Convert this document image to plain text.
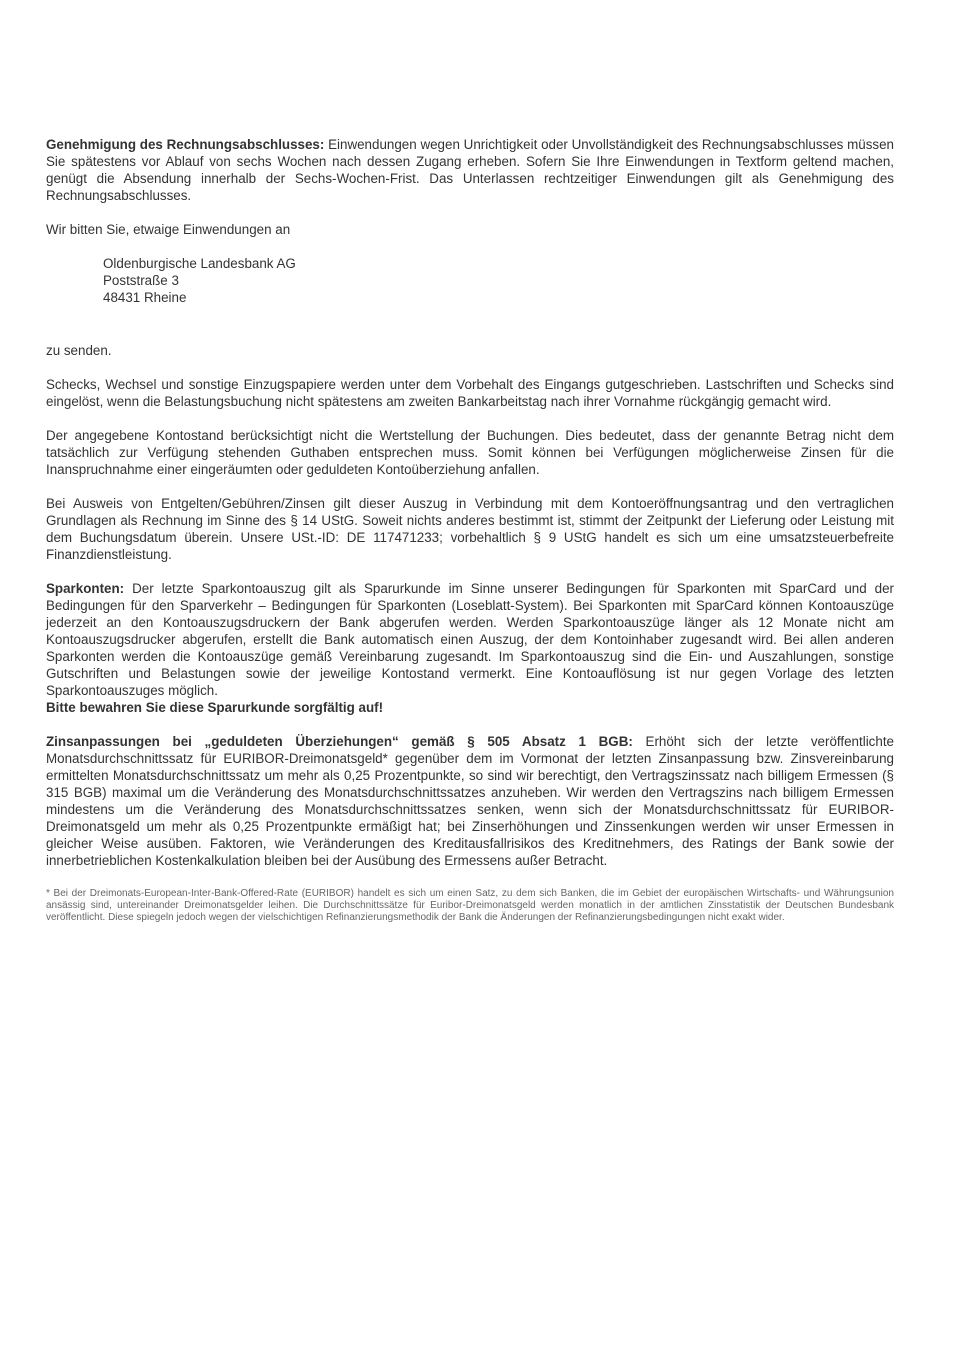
Genehmigung des Rechnungsabschlusses: Einwendungen wegen Unrichtigkeit oder Unvollständigkeit des Rechnungsabschlusses müssen Sie spätestens vor Ablauf von sechs Wochen nach dessen Zugang erheben. Sofern Sie Ihre Einwendungen in Textform geltend machen, genügt die Absendung innerhalb der Sechs-Wochen-Frist. Das Unterlassen rechtzeitiger Einwendungen gilt als Genehmigung des Rechnungsabschlusses.

Wir bitten Sie, etwaige Einwendungen an

Oldenburgische Landesbank AG
Poststraße 3
48431 Rheine

zu senden.

Schecks, Wechsel und sonstige Einzugspapiere werden unter dem Vorbehalt des Eingangs gutgeschrieben. Lastschriften und Schecks sind eingelöst, wenn die Belastungsbuchung nicht spätestens am zweiten Bankarbeitstag nach ihrer Vornahme rückgängig gemacht wird.

Der angegebene Kontostand berücksichtigt nicht die Wertstellung der Buchungen. Dies bedeutet, dass der genannte Betrag nicht dem tatsächlich zur Verfügung stehenden Guthaben entsprechen muss. Somit können bei Verfügungen möglicherweise Zinsen für die Inanspruchnahme einer eingeräumten oder geduldeten Kontoüberziehung anfallen.

Bei Ausweis von Entgelten/Gebühren/Zinsen gilt dieser Auszug in Verbindung mit dem Kontoeröffnungsantrag und den vertraglichen Grundlagen als Rechnung im Sinne des § 14 UStG. Soweit nichts anderes bestimmt ist, stimmt der Zeitpunkt der Lieferung oder Leistung mit dem Buchungsdatum überein. Unsere USt.-ID: DE 117471233; vorbehaltlich § 9 UStG handelt es sich um eine umsatzsteuerbefreite Finanzdienstleistung.

Sparkonten: Der letzte Sparkontoauszug gilt als Sparurkunde im Sinne unserer Bedingungen für Sparkonten mit SparCard und der Bedingungen für den Sparverkehr – Bedingungen für Sparkonten (Loseblatt-System). Bei Sparkonten mit SparCard können Kontoauszüge jederzeit an den Kontoauszugsdruckern der Bank abgerufen werden. Werden Sparkontoauszüge länger als 12 Monate nicht am Kontoauszugsdrucker abgerufen, erstellt die Bank automatisch einen Auszug, der dem Kontoinhaber zugesandt wird. Bei allen anderen Sparkonten werden die Kontoauszüge gemäß Vereinbarung zugesandt. Im Sparkontoauszug sind die Ein- und Auszahlungen, sonstige Gutschriften und Belastungen sowie der jeweilige Kontostand vermerkt. Eine Kontoauflösung ist nur gegen Vorlage des letzten Sparkontoauszuges möglich.

Bitte bewahren Sie diese Sparurkunde sorgfältig auf!

Zinsanpassungen bei „geduldeten Überziehungen“ gemäß § 505 Absatz 1 BGB: Erhöht sich der letzte veröffentlichte Monatsdurchschnittssatz für EURIBOR-Dreimonatsgeld* gegenüber dem im Vormonat der letzten Zinsanpassung bzw. Zinsvereinbarung ermittelten Monatsdurchschnittssatz um mehr als 0,25 Prozentpunkte, so sind wir berechtigt, den Vertragszinssatz nach billigem Ermessen (§ 315 BGB) maximal um die Veränderung des Monatsdurchschnittssatzes anzuheben. Wir werden den Vertragszins nach billigem Ermessen mindestens um die Veränderung des Monatsdurchschnittssatzes senken, wenn sich der Monatsdurchschnittssatz für EURIBOR-Dreimonatsgeld um mehr als 0,25 Prozentpunkte ermäßigt hat; bei Zinserhöhungen und Zinssenkungen werden wir unser Ermessen in gleicher Weise ausüben. Faktoren, wie Veränderungen des Kreditausfallrisikos des Kreditnehmers, des Ratings der Bank sowie der innerbetrieblichen Kostenkalkulation bleiben bei der Ausübung des Ermessens außer Betracht.

* Bei der Dreimonats-European-Inter-Bank-Offered-Rate (EURIBOR) handelt es sich um einen Satz, zu dem sich Banken, die im Gebiet der europäischen Wirtschafts- und Währungsunion ansässig sind, untereinander Dreimonatsgelder leihen. Die Durchschnittssätze für Euribor-Dreimonatsgeld werden monatlich in der amtlichen Zinsstatistik der Deutschen Bundesbank veröffentlicht. Diese spiegeln jedoch wegen der vielschichtigen Refinanzierungsmethodik der Bank die Änderungen der Refinanzierungsbedingungen nicht exakt wider.
